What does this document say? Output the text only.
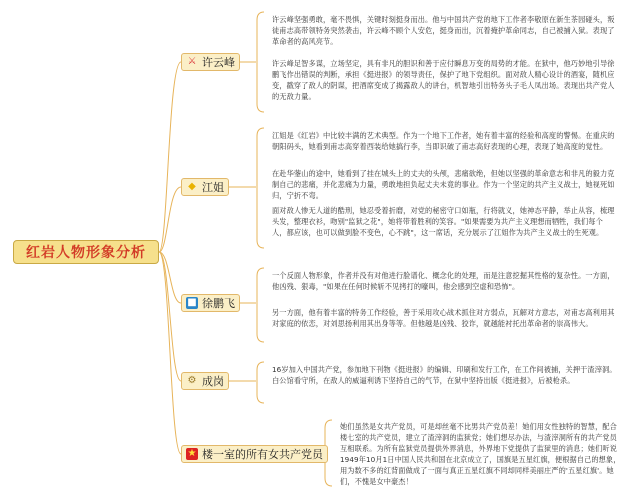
红岩人物形象分析
⚔ 许云峰

许云峰坚强勇敢，毫不畏惧，关键时刻挺身而出。他与中国共产党的地下工作者李敬原在新生茶园碰头，叛徒甫志高带领特务突然袭击，许云峰不顾个人安危，挺身而出，沉着掩护革命同志，自己被捕入狱。表现了革命者的高风亮节。

许云峰足智多谋，立场坚定，具有非凡的胆识和善于应付瞬息万变的局势的才能。在狱中，他巧妙地引导徐鹏飞作出错误的判断，承担《挺进报》的领导责任，保护了地下党组织。面对敌人精心设计的酒宴，随机应变，戳穿了敌人的阴谋，把酒席变成了揭露敌人的讲台，机智地引出特务头子毛人凤出场。表现出共产党人的无敌力量。

◆ 江姐

江姐是《红岩》中比较丰满的艺术典型。作为一个地下工作者，她有着丰富的经验和高度的警惕。在重庆的朝阳码头，她看到甫志高穿着西装给她搞行李，当即识破了甫志高好表现的心理，表现了她高度的觉性。

在赴华蓥山的途中，她看到了挂在城头上的丈夫的头颅，悲痛欲绝，但她以坚强的革命意志和非凡的毅力克制自己的悲痛，并化悲痛为力量，勇敢地担负起丈夫未竟的事业。作为一个坚定的共产主义战士，她视死如归，宁折不弯。

面对敌人惨无人道的酷刑，她忍受着折磨，对党的秘密守口如瓶，行将就义，她神态平静，举止从容，梳理头发，整理衣衫，吻别"监狱之花"，她将带着胜利的笑容。"如果需要为共产主义理想而牺牲，我们每个人，都应该，也可以做到脸不变色，心不跳"，这一席话，充分展示了江姐作为共产主义战士的生死观。

■ 徐鹏飞

一个反面人物形象，作者并没有对他进行脸谱化、概念化的处理，而是注意挖掘其性格的复杂性。一方面，他凶残、狠毒，"如果在任何时候斩不见拷打的嚎叫，他会感到空虚和恐怖"。

另一方面，他有着丰富的特务工作经验，善于采用攻心战术抓住对方弱点，瓦解对方意志，对甫志高利用其对家庭的依恋，对刘思扬利用其出身等等。但他越是凶残、狡诈，就越能衬托出革命者的崇高伟大。

⚙ 成岗

16岁加入中国共产党，参加地下刊物《挺进报》的编辑、印刷和发行工作，在工作间被捕，关押于渣滓洞。白公馆看守所，在敌人的威逼利诱下坚持自己的气节，在狱中坚持出版《挺进报》，后被枪杀。

★ 楼一室的所有女共产党员

她们虽然是女共产党员，可是却丝毫不比男共产党员差！她们用女性独特的智慧，配合楼七室的共产党员，建立了渣滓洞的监狱党；她们想尽办法，与渣滓洞所有的共产党员互相联系。为所有监狱党员提供外界消息，外界地下党提供了监狱里的消息；她们听说1949年10月1日中国人民共和国在北京成立了，国旗是五星红旗，便根据自己的想象，用为数不多的红背面做成了一面与真正五星红旗不同却同样美丽庄严的'五星红旗'。她们，不愧是女中豪杰！
